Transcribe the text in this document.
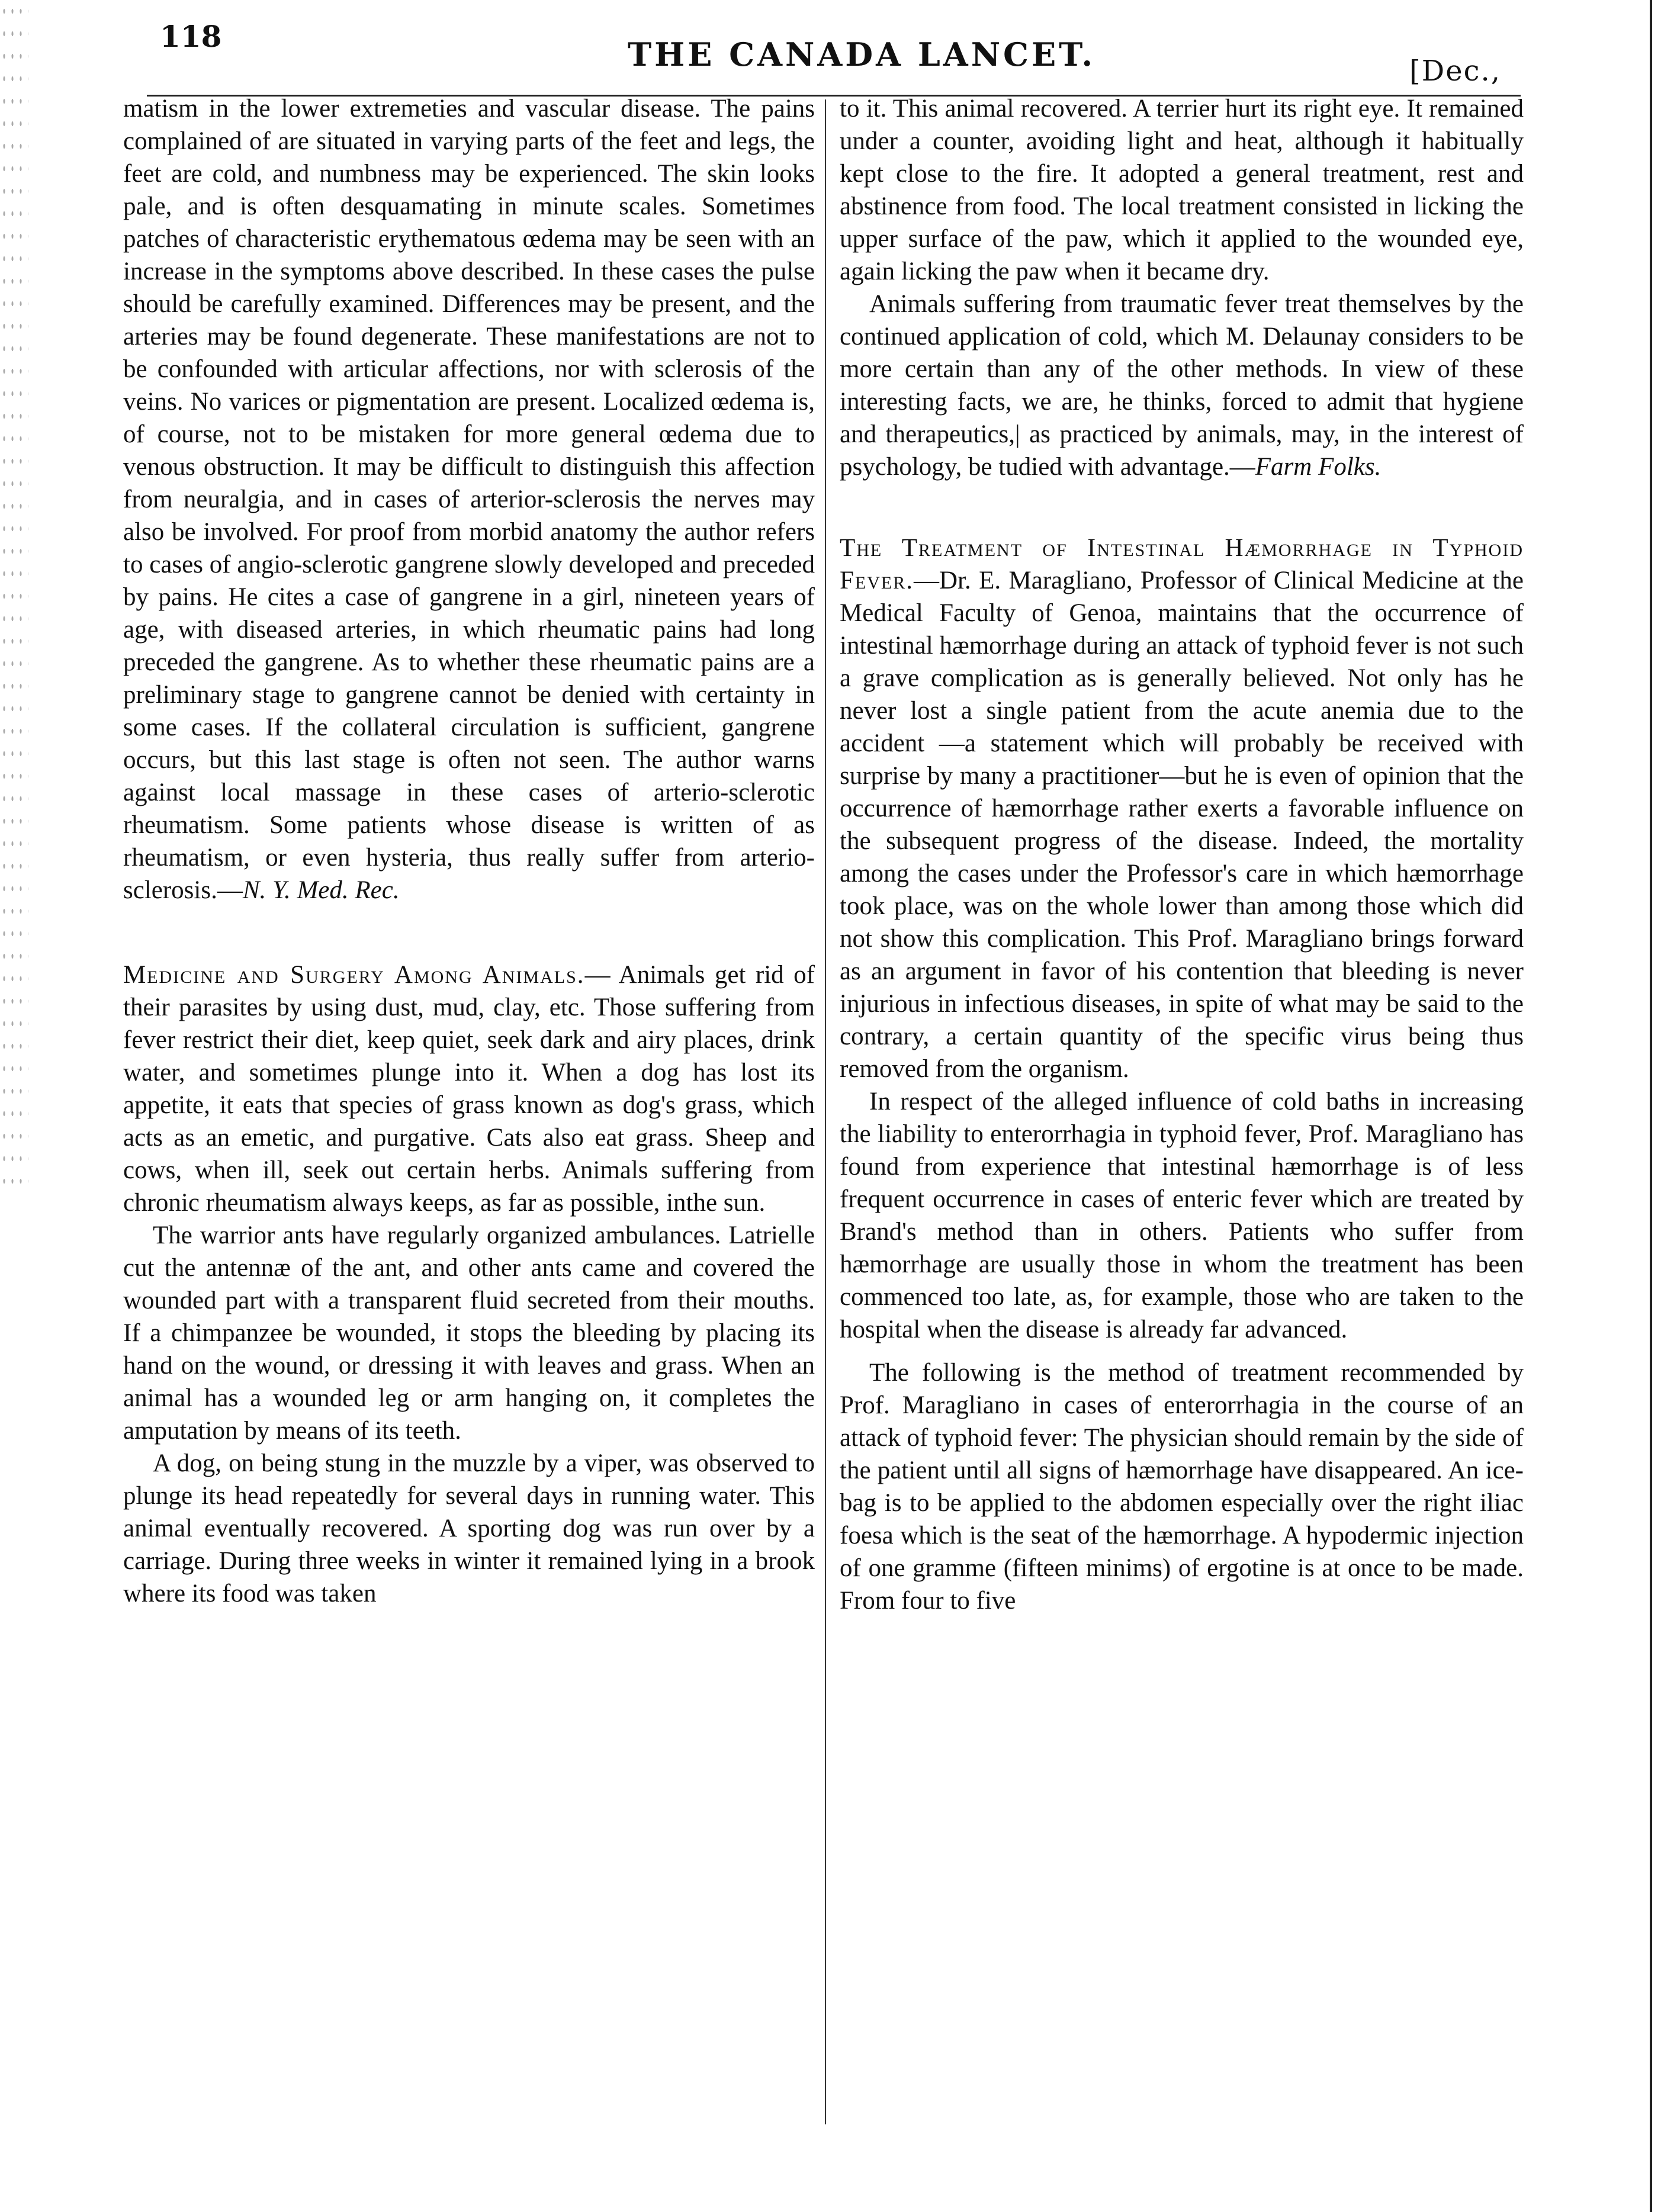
118	THE CANADA LANCET.	[Dec.,

matism in the lower extremeties and vascular disease. The pains complained of are situated in varying parts of the feet and legs, the feet are cold, and numbness may be experienced. The skin looks pale, and is often desquamating in minute scales. Sometimes patches of characteristic erythematous œdema may be seen with an increase in the symptoms above described. In these cases the pulse should be carefully examined. Differences may be present, and the arteries may be found degenerate. These manifestations are not to be confounded with articular affections, nor with sclerosis of the veins. No varices or pigmentation are present. Localized œdema is, of course, not to be mistaken for more general œdema due to venous obstruction. It may be difficult to distinguish this affection from neuralgia, and in cases of arterior-sclerosis the nerves may also be involved. For proof from morbid anatomy the author refers to cases of angio-sclerotic gangrene slowly developed and preceded by pains. He cites a case of gangrene in a girl, nineteen years of age, with diseased arteries, in which rheumatic pains had long preceded the gangrene. As to whether these rheumatic pains are a preliminary stage to gangrene cannot be denied with certainty in some cases. If the collateral circulation is sufficient, gangrene occurs, but this last stage is often not seen. The author warns against local massage in these cases of arterio-sclerotic rheumatism. Some patients whose disease is written of as rheumatism, or even hysteria, thus really suffer from arterio-sclerosis.—N. Y. Med. Rec.

Medicine and Surgery Among Animals.— Animals get rid of their parasites by using dust, mud, clay, etc. Those suffering from fever restrict their diet, keep quiet, seek dark and airy places, drink water, and sometimes plunge into it. When a dog has lost its appetite, it eats that species of grass known as dog's grass, which acts as an emetic, and purgative. Cats also eat grass. Sheep and cows, when ill, seek out certain herbs. Animals suffering from chronic rheumatism always keeps, as far as possible, inthe sun.

The warrior ants have regularly organized ambulances. Latrielle cut the antennæ of the ant, and other ants came and covered the wounded part with a transparent fluid secreted from their mouths. If a chimpanzee be wounded, it stops the bleeding by placing its hand on the wound, or dressing it with leaves and grass. When an animal has a wounded leg or arm hanging on, it completes the amputation by means of its teeth.

A dog, on being stung in the muzzle by a viper, was observed to plunge its head repeatedly for several days in running water. This animal eventually recovered. A sporting dog was run over by a carriage. During three weeks in winter it remained lying in a brook where its food was taken

to it. This animal recovered. A terrier hurt its right eye. It remained under a counter, avoiding light and heat, although it habitually kept close to the fire. It adopted a general treatment, rest and abstinence from food. The local treatment consisted in licking the upper surface of the paw, which it applied to the wounded eye, again licking the paw when it became dry.

Animals suffering from traumatic fever treat themselves by the continued application of cold, which M. Delaunay considers to be more certain than any of the other methods. In view of these interesting facts, we are, he thinks, forced to admit that hygiene and therapeutics,| as practiced by animals, may, in the interest of psychology, be tudied with advantage.—Farm Folks.

The Treatment of Intestinal Hæmorrhage in Typhoid Fever.—Dr. E. Maragliano, Professor of Clinical Medicine at the Medical Faculty of Genoa, maintains that the occurrence of intestinal hæmorrhage during an attack of typhoid fever is not such a grave complication as is generally believed. Not only has he never lost a single patient from the acute anemia due to the accident —a statement which will probably be received with surprise by many a practitioner—but he is even of opinion that the occurrence of hæmorrhage rather exerts a favorable influence on the subsequent progress of the disease. Indeed, the mortality among the cases under the Professor's care in which hæmorrhage took place, was on the whole lower than among those which did not show this complication. This Prof. Maragliano brings forward as an argument in favor of his contention that bleeding is never injurious in infectious diseases, in spite of what may be said to the contrary, a certain quantity of the specific virus being thus removed from the organism.

In respect of the alleged influence of cold baths in increasing the liability to enterorrhagia in typhoid fever, Prof. Maragliano has found from experience that intestinal hæmorrhage is of less frequent occurrence in cases of enteric fever which are treated by Brand's method than in others. Patients who suffer from hæmorrhage are usually those in whom the treatment has been commenced too late, as, for example, those who are taken to the hospital when the disease is already far advanced.

The following is the method of treatment recommended by Prof. Maragliano in cases of enterorrhagia in the course of an attack of typhoid fever: The physician should remain by the side of the patient until all signs of hæmorrhage have disappeared. An ice-bag is to be applied to the abdomen especially over the right iliac foesa which is the seat of the hæmorrhage. A hypodermic injection of one gramme (fifteen minims) of ergotine is at once to be made. From four to five
